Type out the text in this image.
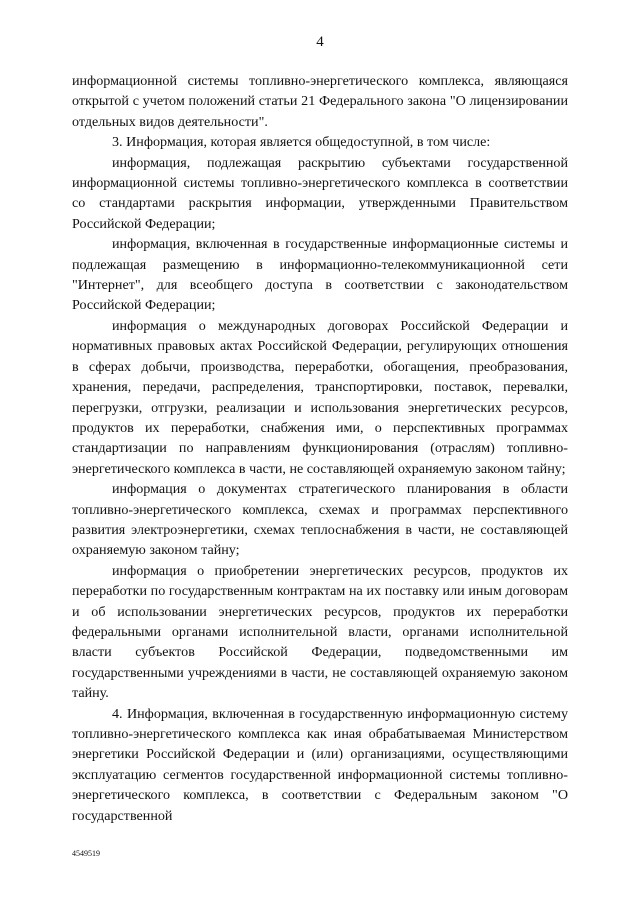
4

информационной системы топливно-энергетического комплекса, являющаяся открытой с учетом положений статьи 21 Федерального закона "О лицензировании отдельных видов деятельности".

3. Информация, которая является общедоступной, в том числе:

информация, подлежащая раскрытию субъектами государственной информационной системы топливно-энергетического комплекса в соответствии со стандартами раскрытия информации, утвержденными Правительством Российской Федерации;

информация, включенная в государственные информационные системы и подлежащая размещению в информационно-телекоммуникационной сети "Интернет", для всеобщего доступа в соответствии с законодательством Российской Федерации;

информация о международных договорах Российской Федерации и нормативных правовых актах Российской Федерации, регулирующих отношения в сферах добычи, производства, переработки, обогащения, преобразования, хранения, передачи, распределения, транспортировки, поставок, перевалки, перегрузки, отгрузки, реализации и использования энергетических ресурсов, продуктов их переработки, снабжения ими, о перспективных программах стандартизации по направлениям функционирования (отраслям) топливно-энергетического комплекса в части, не составляющей охраняемую законом тайну;

информация о документах стратегического планирования в области топливно-энергетического комплекса, схемах и программах перспективного развития электроэнергетики, схемах теплоснабжения в части, не составляющей охраняемую законом тайну;

информация о приобретении энергетических ресурсов, продуктов их переработки по государственным контрактам на их поставку или иным договорам и об использовании энергетических ресурсов, продуктов их переработки федеральными органами исполнительной власти, органами исполнительной власти субъектов Российской Федерации, подведомственными им государственными учреждениями в части, не составляющей охраняемую законом тайну.

4. Информация, включенная в государственную информационную систему топливно-энергетического комплекса как иная обрабатываемая Министерством энергетики Российской Федерации и (или) организациями, осуществляющими эксплуатацию сегментов государственной информационной системы топливно-энергетического комплекса, в соответствии с Федеральным законом "О государственной

4549519
